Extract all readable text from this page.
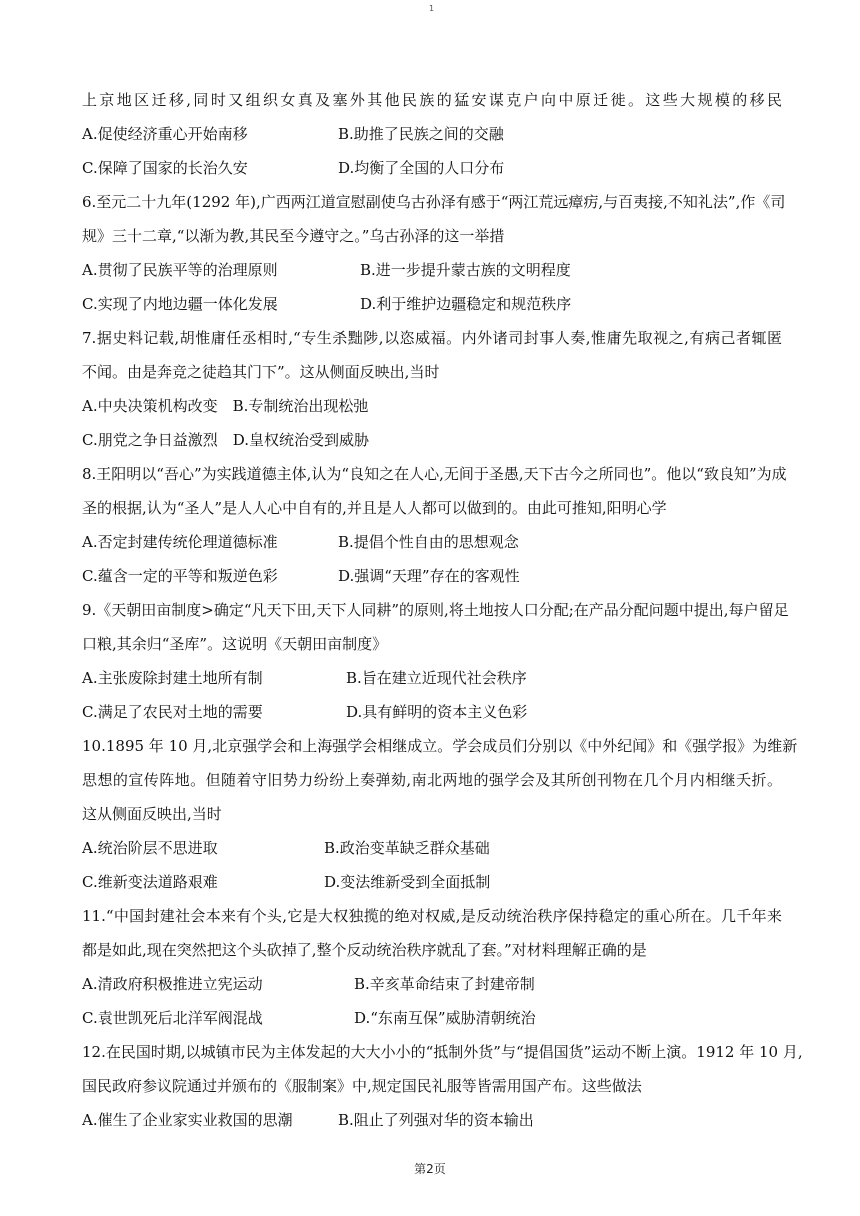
1
上京地区迁移,同时又组织女真及塞外其他民族的猛安谋克户向中原迁徙。这些大规模的移民
A.促使经济重心开始南移	B.助推了民族之间的交融
C.保障了国家的长治久安	D.均衡了全国的人口分布
6.至元二十九年(1292 年),广西两江道宣慰副使乌古孙泽有感于“两江荒远瘴疠,与百夷接,不知礼法”,作《司
规》三十二章,“以渐为教,其民至今遵守之。”乌古孙泽的这一举措
A.贯彻了民族平等的治理原则	B.进一步提升蒙古族的文明程度
C.实现了内地边疆一体化发展	D.利于维护边疆稳定和规范秩序
7.据史料记载,胡惟庸任丞相时,“专生杀黜陟,以恣威福。内外诸司封事人奏,惟庸先取视之,有病己者辄匿
不闻。由是奔竞之徒趋其门下”。这从侧面反映出,当时
A.中央决策机构改变　B.专制统治出现松弛
C.朋党之争日益激烈　D.皇权统治受到威胁
8.王阳明以“吾心”为实践道德主体,认为“良知之在人心,无间于圣愚,天下古今之所同也”。他以“致良知”为成
圣的根据,认为“圣人”是人人心中自有的,并且是人人都可以做到的。由此可推知,阳明心学
A.否定封建传统伦理道德标准	B.提倡个性自由的思想观念
C.蕴含一定的平等和叛逆色彩	D.强调“天理”存在的客观性
9.《天朝田亩制度>确定“凡天下田,天下人同耕”的原则,将土地按人口分配;在产品分配问题中提出,每户留足
口粮,其余归“圣库”。这说明《天朝田亩制度》
A.主张废除封建土地所有制	B.旨在建立近现代社会秩序
C.满足了农民对土地的需要	D.具有鲜明的资本主义色彩
10.1895 年 10 月,北京强学会和上海强学会相继成立。学会成员们分别以《中外纪闻》和《强学报》为维新
思想的宣传阵地。但随着守旧势力纷纷上奏弹劾,南北两地的强学会及其所创刊物在几个月内相继夭折。
这从侧面反映出,当时
A.统治阶层不思进取	B.政治变革缺乏群众基础
C.维新变法道路艰难	D.变法维新受到全面抵制
11.“中国封建社会本来有个头,它是大权独揽的绝对权威,是反动统治秩序保持稳定的重心所在。几千年来
都是如此,现在突然把这个头砍掉了,整个反动统治秩序就乱了套。”对材料理解正确的是
A.清政府积极推进立宪运动	B.辛亥革命结束了封建帝制
C.袁世凯死后北洋军阀混战	D.“东南互保”威胁清朝统治
12.在民国时期,以城镇市民为主体发起的大大小小的“抵制外货”与“提倡国货”运动不断上演。1912 年 10 月,
国民政府参议院通过并颁布的《服制案》中,规定国民礼服等皆需用国产布。这些做法
A.催生了企业家实业救国的思潮	B.阻止了列强对华的资本输出
第2页
